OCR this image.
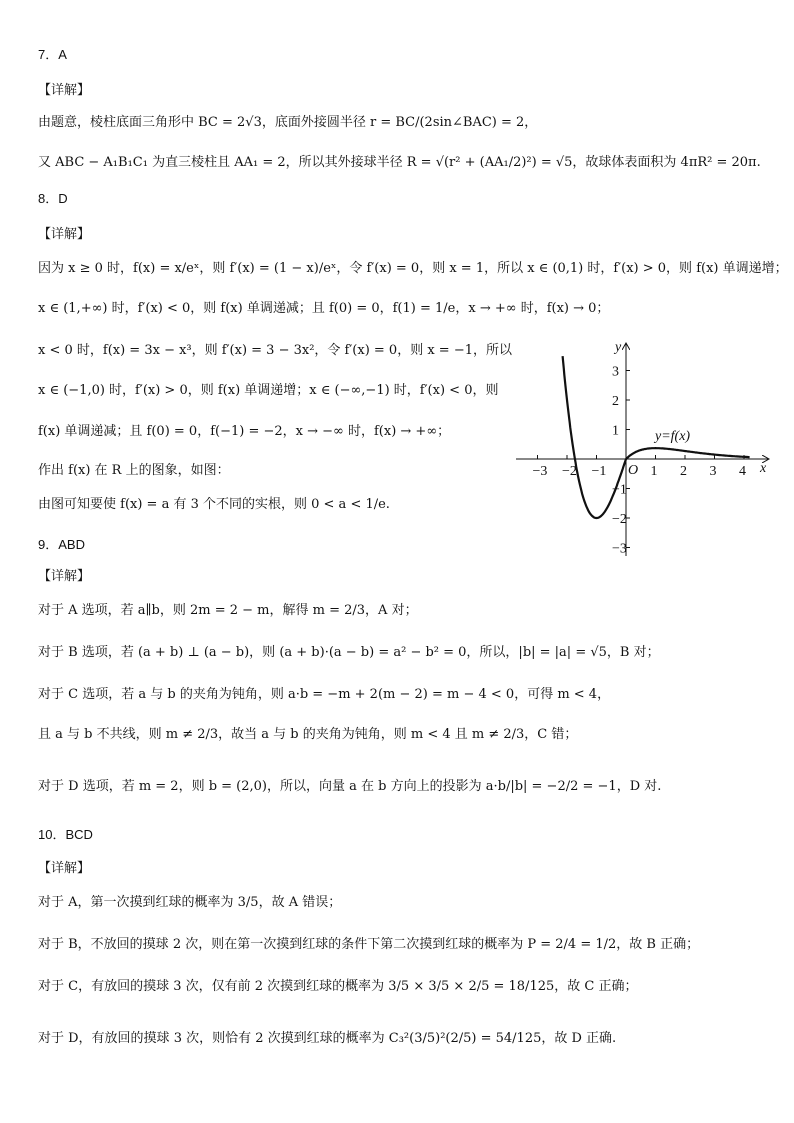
7．A
【详解】
由题意，棱柱底面三角形中 BC = 2√3，底面外接圆半径 r = BC/(2sin∠BAC) = 2，
又 ABC − A₁B₁C₁ 为直三棱柱且 AA₁ = 2，所以其外接球半径 R = √(r² + (AA₁/2)²) = √5，故球体表面积为 4πR² = 20π.
8．D
【详解】
因为 x ≥ 0 时，f(x) = x/eˣ，则 f′(x) = (1 − x)/eˣ，令 f′(x) = 0，则 x = 1，所以 x ∈ (0,1) 时，f′(x) > 0，则 f(x) 单调递增；
x ∈ (1,+∞) 时，f′(x) < 0，则 f(x) 单调递减；且 f(0) = 0，f(1) = 1/e，x → +∞ 时，f(x) → 0；
x < 0 时，f(x) = 3x − x³，则 f′(x) = 3 − 3x²，令 f′(x) = 0，则 x = −1，所以
x ∈ (−1,0) 时，f′(x) > 0，则 f(x) 单调递增；x ∈ (−∞,−1) 时，f′(x) < 0，则
f(x) 单调递减；且 f(0) = 0，f(−1) = −2，x → −∞ 时，f(x) → +∞；
作出 f(x) 在 R 上的图象，如图：
由图可知要使 f(x) = a 有 3 个不同的实根，则 0 < a < 1/e.
−3 −2 −1	1 2 3 4
3
2
1
−1
−2
−3
y
x
O
y=f(x)
9．ABD
【详解】
对于 A 选项，若 a∥b，则 2m = 2 − m，解得 m = 2/3，A 对；
对于 B 选项，若 (a + b) ⊥ (a − b)，则 (a + b)·(a − b) = a² − b² = 0，所以，|b| = |a| = √5，B 对；
对于 C 选项，若 a 与 b 的夹角为钝角，则 a·b = −m + 2(m − 2) = m − 4 < 0，可得 m < 4，
且 a 与 b 不共线，则 m ≠ 2/3，故当 a 与 b 的夹角为钝角，则 m < 4 且 m ≠ 2/3，C 错；
对于 D 选项，若 m = 2，则 b = (2,0)，所以，向量 a 在 b 方向上的投影为 a·b/|b| = −2/2 = −1，D 对.
10．BCD
【详解】
对于 A，第一次摸到红球的概率为 3/5，故 A 错误；
对于 B，不放回的摸球 2 次，则在第一次摸到红球的条件下第二次摸到红球的概率为 P = 2/4 = 1/2，故 B 正确；
对于 C，有放回的摸球 3 次，仅有前 2 次摸到红球的概率为 3/5 × 3/5 × 2/5 = 18/125，故 C 正确；
对于 D，有放回的摸球 3 次，则恰有 2 次摸到红球的概率为 C₃²(3/5)²(2/5) = 54/125，故 D 正确.
